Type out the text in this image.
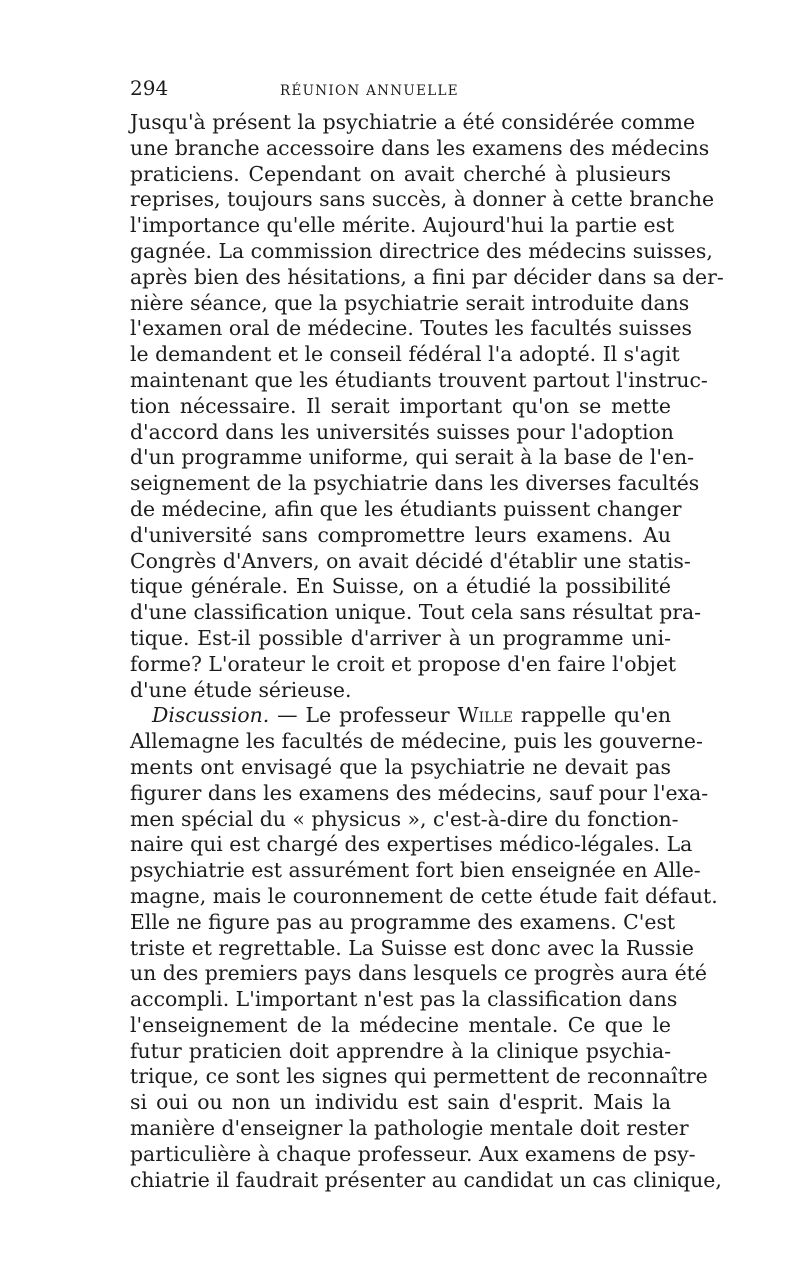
294	RÉUNION ANNUELLE
Jusqu'à présent la psychiatrie a été considérée comme
une branche accessoire dans les examens des médecins
praticiens. Cependant on avait cherché à plusieurs
reprises, toujours sans succès, à donner à cette branche
l'importance qu'elle mérite. Aujourd'hui la partie est
gagnée. La commission directrice des médecins suisses,
après bien des hésitations, a fini par décider dans sa der-
nière séance, que la psychiatrie serait introduite dans
l'examen oral de médecine. Toutes les facultés suisses
le demandent et le conseil fédéral l'a adopté. Il s'agit
maintenant que les étudiants trouvent partout l'instruc-
tion nécessaire. Il serait important qu'on se mette
d'accord dans les universités suisses pour l'adoption
d'un programme uniforme, qui serait à la base de l'en-
seignement de la psychiatrie dans les diverses facultés
de médecine, afin que les étudiants puissent changer
d'université sans compromettre leurs examens. Au
Congrès d'Anvers, on avait décidé d'établir une statis-
tique générale. En Suisse, on a étudié la possibilité
d'une classification unique. Tout cela sans résultat pra-
tique. Est-il possible d'arriver à un programme uni-
forme? L'orateur le croit et propose d'en faire l'objet
d'une étude sérieuse.
Discussion. — Le professeur Wille rappelle qu'en
Allemagne les facultés de médecine, puis les gouverne-
ments ont envisagé que la psychiatrie ne devait pas
figurer dans les examens des médecins, sauf pour l'exa-
men spécial du « physicus », c'est-à-dire du fonction-
naire qui est chargé des expertises médico-légales. La
psychiatrie est assurément fort bien enseignée en Alle-
magne, mais le couronnement de cette étude fait défaut.
Elle ne figure pas au programme des examens. C'est
triste et regrettable. La Suisse est donc avec la Russie
un des premiers pays dans lesquels ce progrès aura été
accompli. L'important n'est pas la classification dans
l'enseignement de la médecine mentale. Ce que le
futur praticien doit apprendre à la clinique psychia-
trique, ce sont les signes qui permettent de reconnaître
si oui ou non un individu est sain d'esprit. Mais la
manière d'enseigner la pathologie mentale doit rester
particulière à chaque professeur. Aux examens de psy-
chiatrie il faudrait présenter au candidat un cas clinique,
